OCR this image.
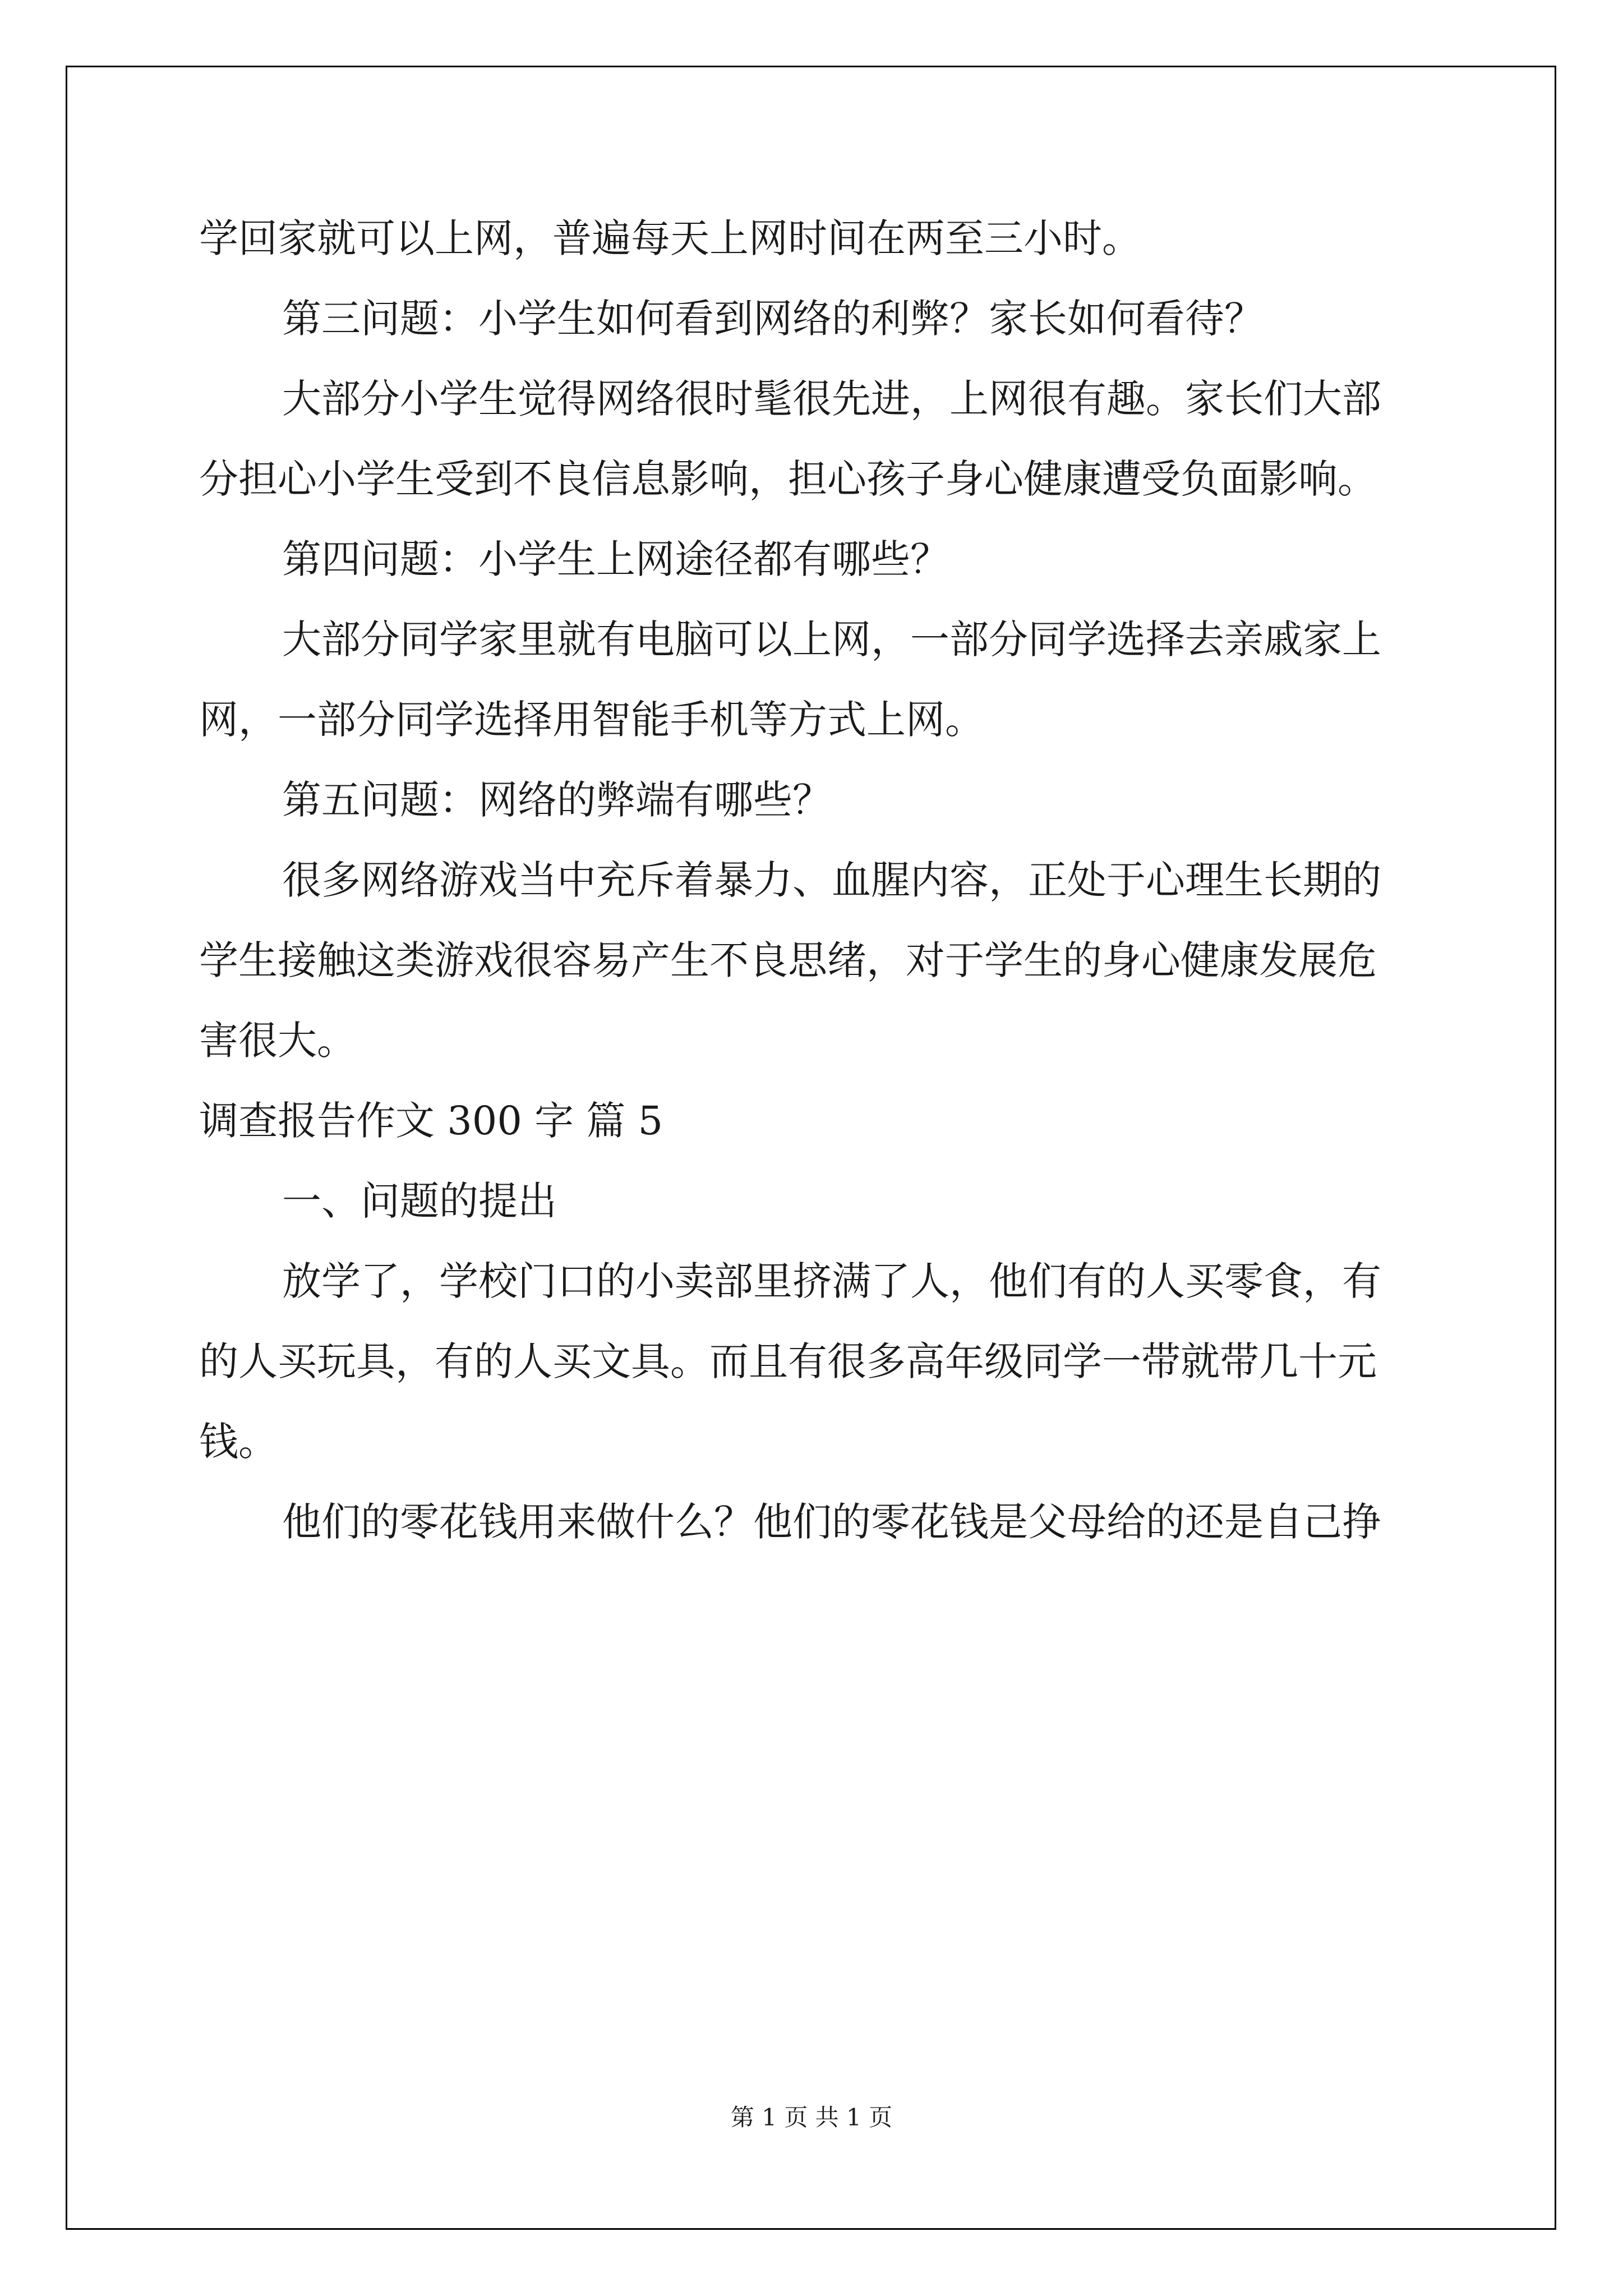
学回家就可以上网，普遍每天上网时间在两至三小时。
第三问题：小学生如何看到网络的利弊？家长如何看待？
大部分小学生觉得网络很时髦很先进，上网很有趣。家长们大部
分担心小学生受到不良信息影响，担心孩子身心健康遭受负面影响。
第四问题：小学生上网途径都有哪些？
大部分同学家里就有电脑可以上网，一部分同学选择去亲戚家上
网，一部分同学选择用智能手机等方式上网。
第五问题：网络的弊端有哪些？
很多网络游戏当中充斥着暴力、血腥内容，正处于心理生长期的
学生接触这类游戏很容易产生不良思绪，对于学生的身心健康发展危
害很大。
调查报告作文 300 字 篇 5
一、问题的提出
放学了，学校门口的小卖部里挤满了人，他们有的人买零食，有
的人买玩具，有的人买文具。而且有很多高年级同学一带就带几十元
钱。
他们的零花钱用来做什么？他们的零花钱是父母给的还是自己挣
第 1 页 共 1 页
